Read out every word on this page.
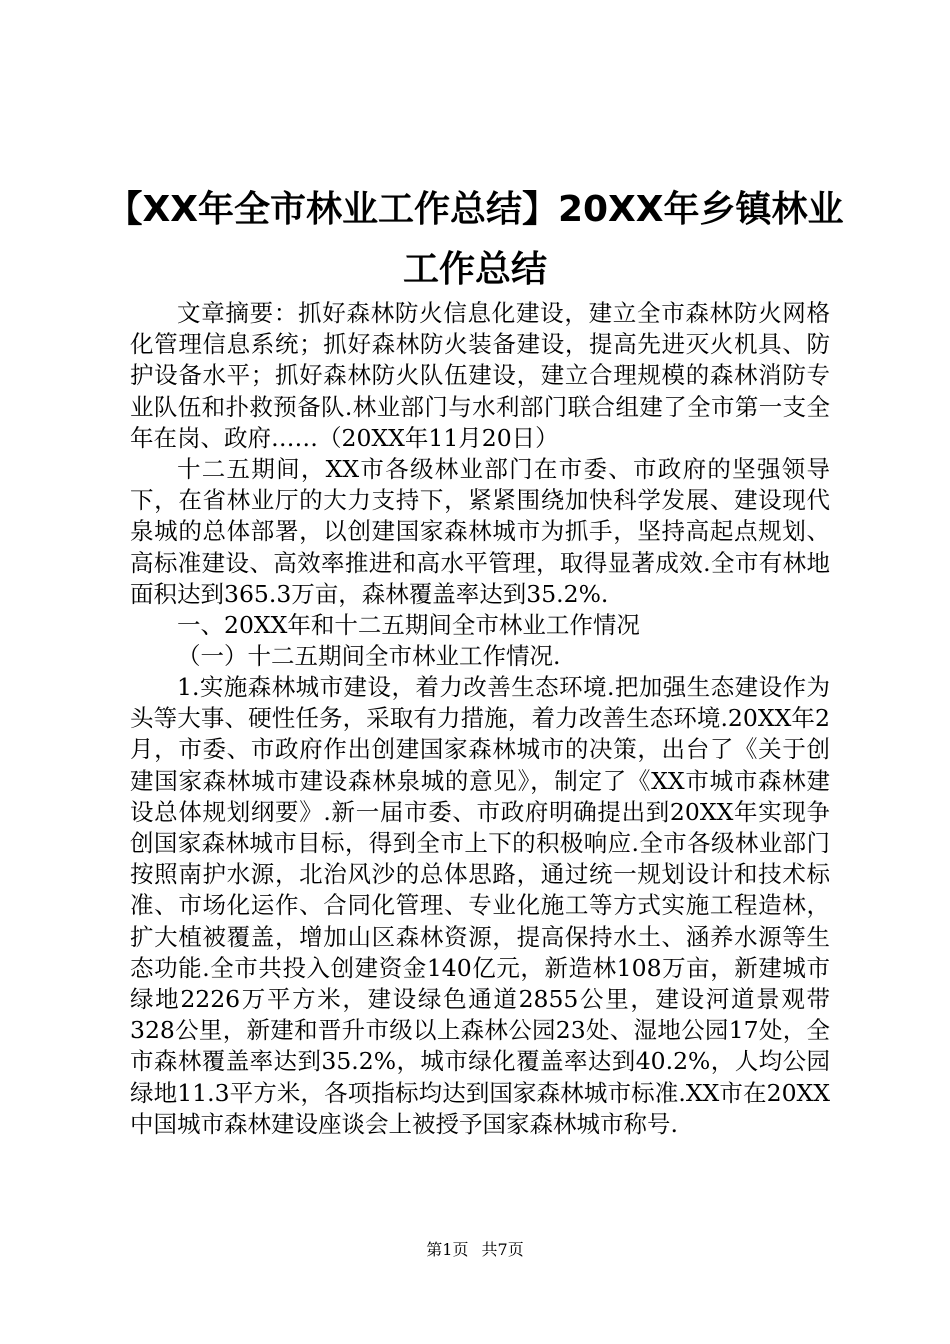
【XX年全市林业工作总结】20XX年乡镇林业
工作总结

文章摘要：抓好森林防火信息化建设，建立全市森林防火网格化管理信息系统；抓好森林防火装备建设，提高先进灭火机具、防护设备水平；抓好森林防火队伍建设，建立合理规模的森林消防专业队伍和扑救预备队.林业部门与水利部门联合组建了全市第一支全年在岗、政府……（20XX年11月20日）

十二五期间，XX市各级林业部门在市委、市政府的坚强领导下，在省林业厅的大力支持下，紧紧围绕加快科学发展、建设现代泉城的总体部署，以创建国家森林城市为抓手，坚持高起点规划、高标准建设、高效率推进和高水平管理，取得显著成效.全市有林地面积达到365.3万亩，森林覆盖率达到35.2%.

一、20XX年和十二五期间全市林业工作情况

（一）十二五期间全市林业工作情况.

1.实施森林城市建设，着力改善生态环境.把加强生态建设作为头等大事、硬性任务，采取有力措施，着力改善生态环境.20XX年2月，市委、市政府作出创建国家森林城市的决策，出台了《关于创建国家森林城市建设森林泉城的意见》，制定了《XX市城市森林建设总体规划纲要》.新一届市委、市政府明确提出到20XX年实现争创国家森林城市目标，得到全市上下的积极响应.全市各级林业部门按照南护水源，北治风沙的总体思路，通过统一规划设计和技术标准、市场化运作、合同化管理、专业化施工等方式实施工程造林，扩大植被覆盖，增加山区森林资源，提高保持水土、涵养水源等生态功能.全市共投入创建资金140亿元，新造林108万亩，新建城市绿地2226万平方米，建设绿色通道2855公里，建设河道景观带328公里，新建和晋升市级以上森林公园23处、湿地公园17处，全市森林覆盖率达到35.2%，城市绿化覆盖率达到40.2%，人均公园绿地11.3平方米，各项指标均达到国家森林城市标准.XX市在20XX中国城市森林建设座谈会上被授予国家森林城市称号.

第1页 共7页
